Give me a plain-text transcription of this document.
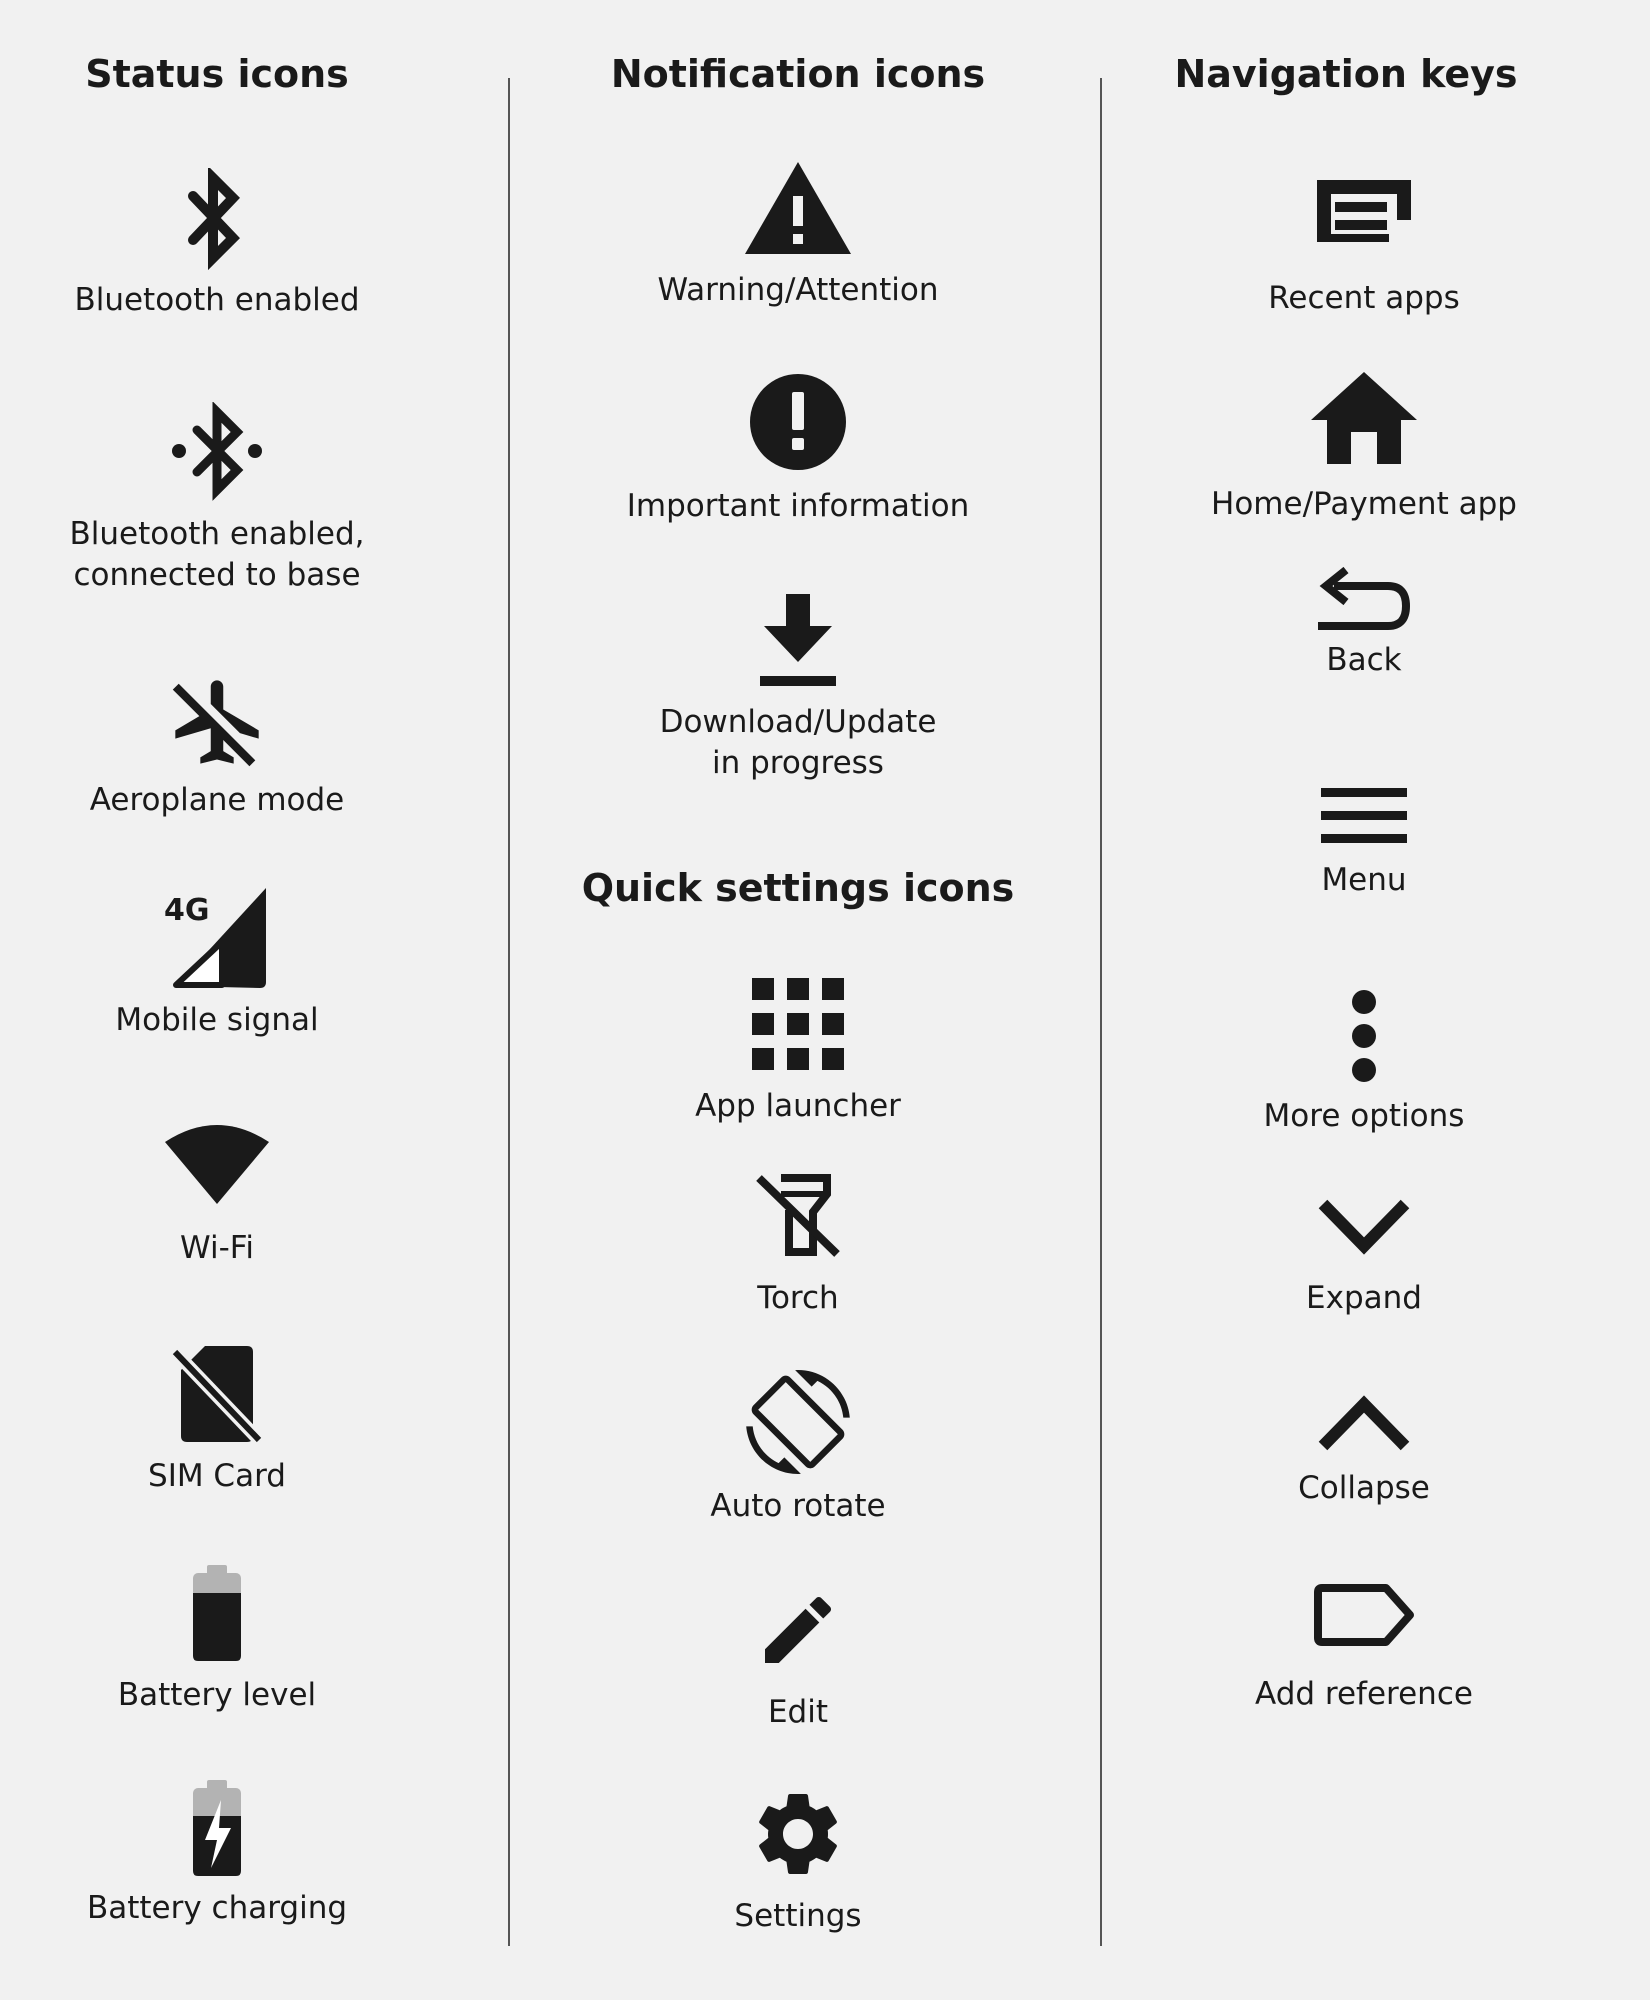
Status icons	Notification icons	Navigation keys
Quick settings icons
Bluetooth enabled
Bluetooth enabled,
connected to base
Aeroplane mode
4G
Mobile signal
Wi-Fi
SIM Card
Battery level
Battery charging
Warning/Attention
Important information
Download/Update
in progress
App launcher
Torch
Auto rotate
Edit
Settings
Recent apps
Home/Payment app
Back
Menu
More options
Expand
Collapse
Add reference
